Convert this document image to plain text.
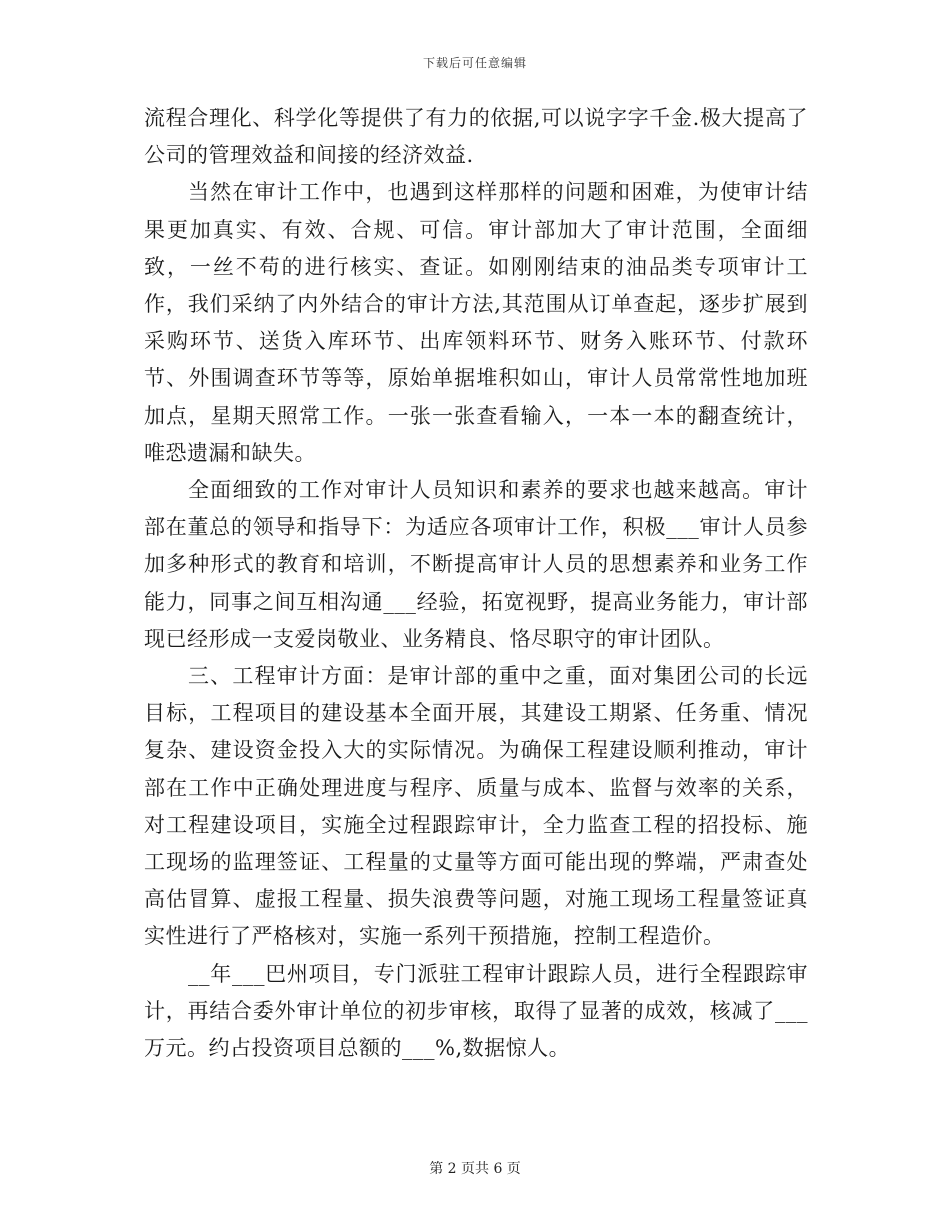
下载后可任意编辑

流程合理化、科学化等提供了有力的依据,可以说字字千金.极大提高了公司的管理效益和间接的经济效益.

当然在审计工作中，也遇到这样那样的问题和困难，为使审计结果更加真实、有效、合规、可信。审计部加大了审计范围，全面细致，一丝不苟的进行核实、查证。如刚刚结束的油品类专项审计工作，我们采纳了内外结合的审计方法,其范围从订单查起，逐步扩展到采购环节、送货入库环节、出库领料环节、财务入账环节、付款环节、外围调查环节等等，原始单据堆积如山，审计人员常常性地加班加点，星期天照常工作。一张一张查看输入，一本一本的翻查统计，唯恐遗漏和缺失。

全面细致的工作对审计人员知识和素养的要求也越来越高。审计部在董总的领导和指导下：为适应各项审计工作，积极___审计人员参加多种形式的教育和培训，不断提高审计人员的思想素养和业务工作能力，同事之间互相沟通___经验，拓宽视野，提高业务能力，审计部现已经形成一支爱岗敬业、业务精良、恪尽职守的审计团队。

三、工程审计方面：是审计部的重中之重，面对集团公司的长远目标，工程项目的建设基本全面开展，其建设工期紧、任务重、情况复杂、建设资金投入大的实际情况。为确保工程建设顺利推动，审计部在工作中正确处理进度与程序、质量与成本、监督与效率的关系，对工程建设项目，实施全过程跟踪审计，全力监查工程的招投标、施工现场的监理签证、工程量的丈量等方面可能出现的弊端，严肃查处高估冒算、虚报工程量、损失浪费等问题，对施工现场工程量签证真实性进行了严格核对，实施一系列干预措施，控制工程造价。

__年___巴州项目，专门派驻工程审计跟踪人员，进行全程跟踪审计，再结合委外审计单位的初步审核，取得了显著的成效，核减了___万元。约占投资项目总额的___%,数据惊人。

第 2 页共 6 页
